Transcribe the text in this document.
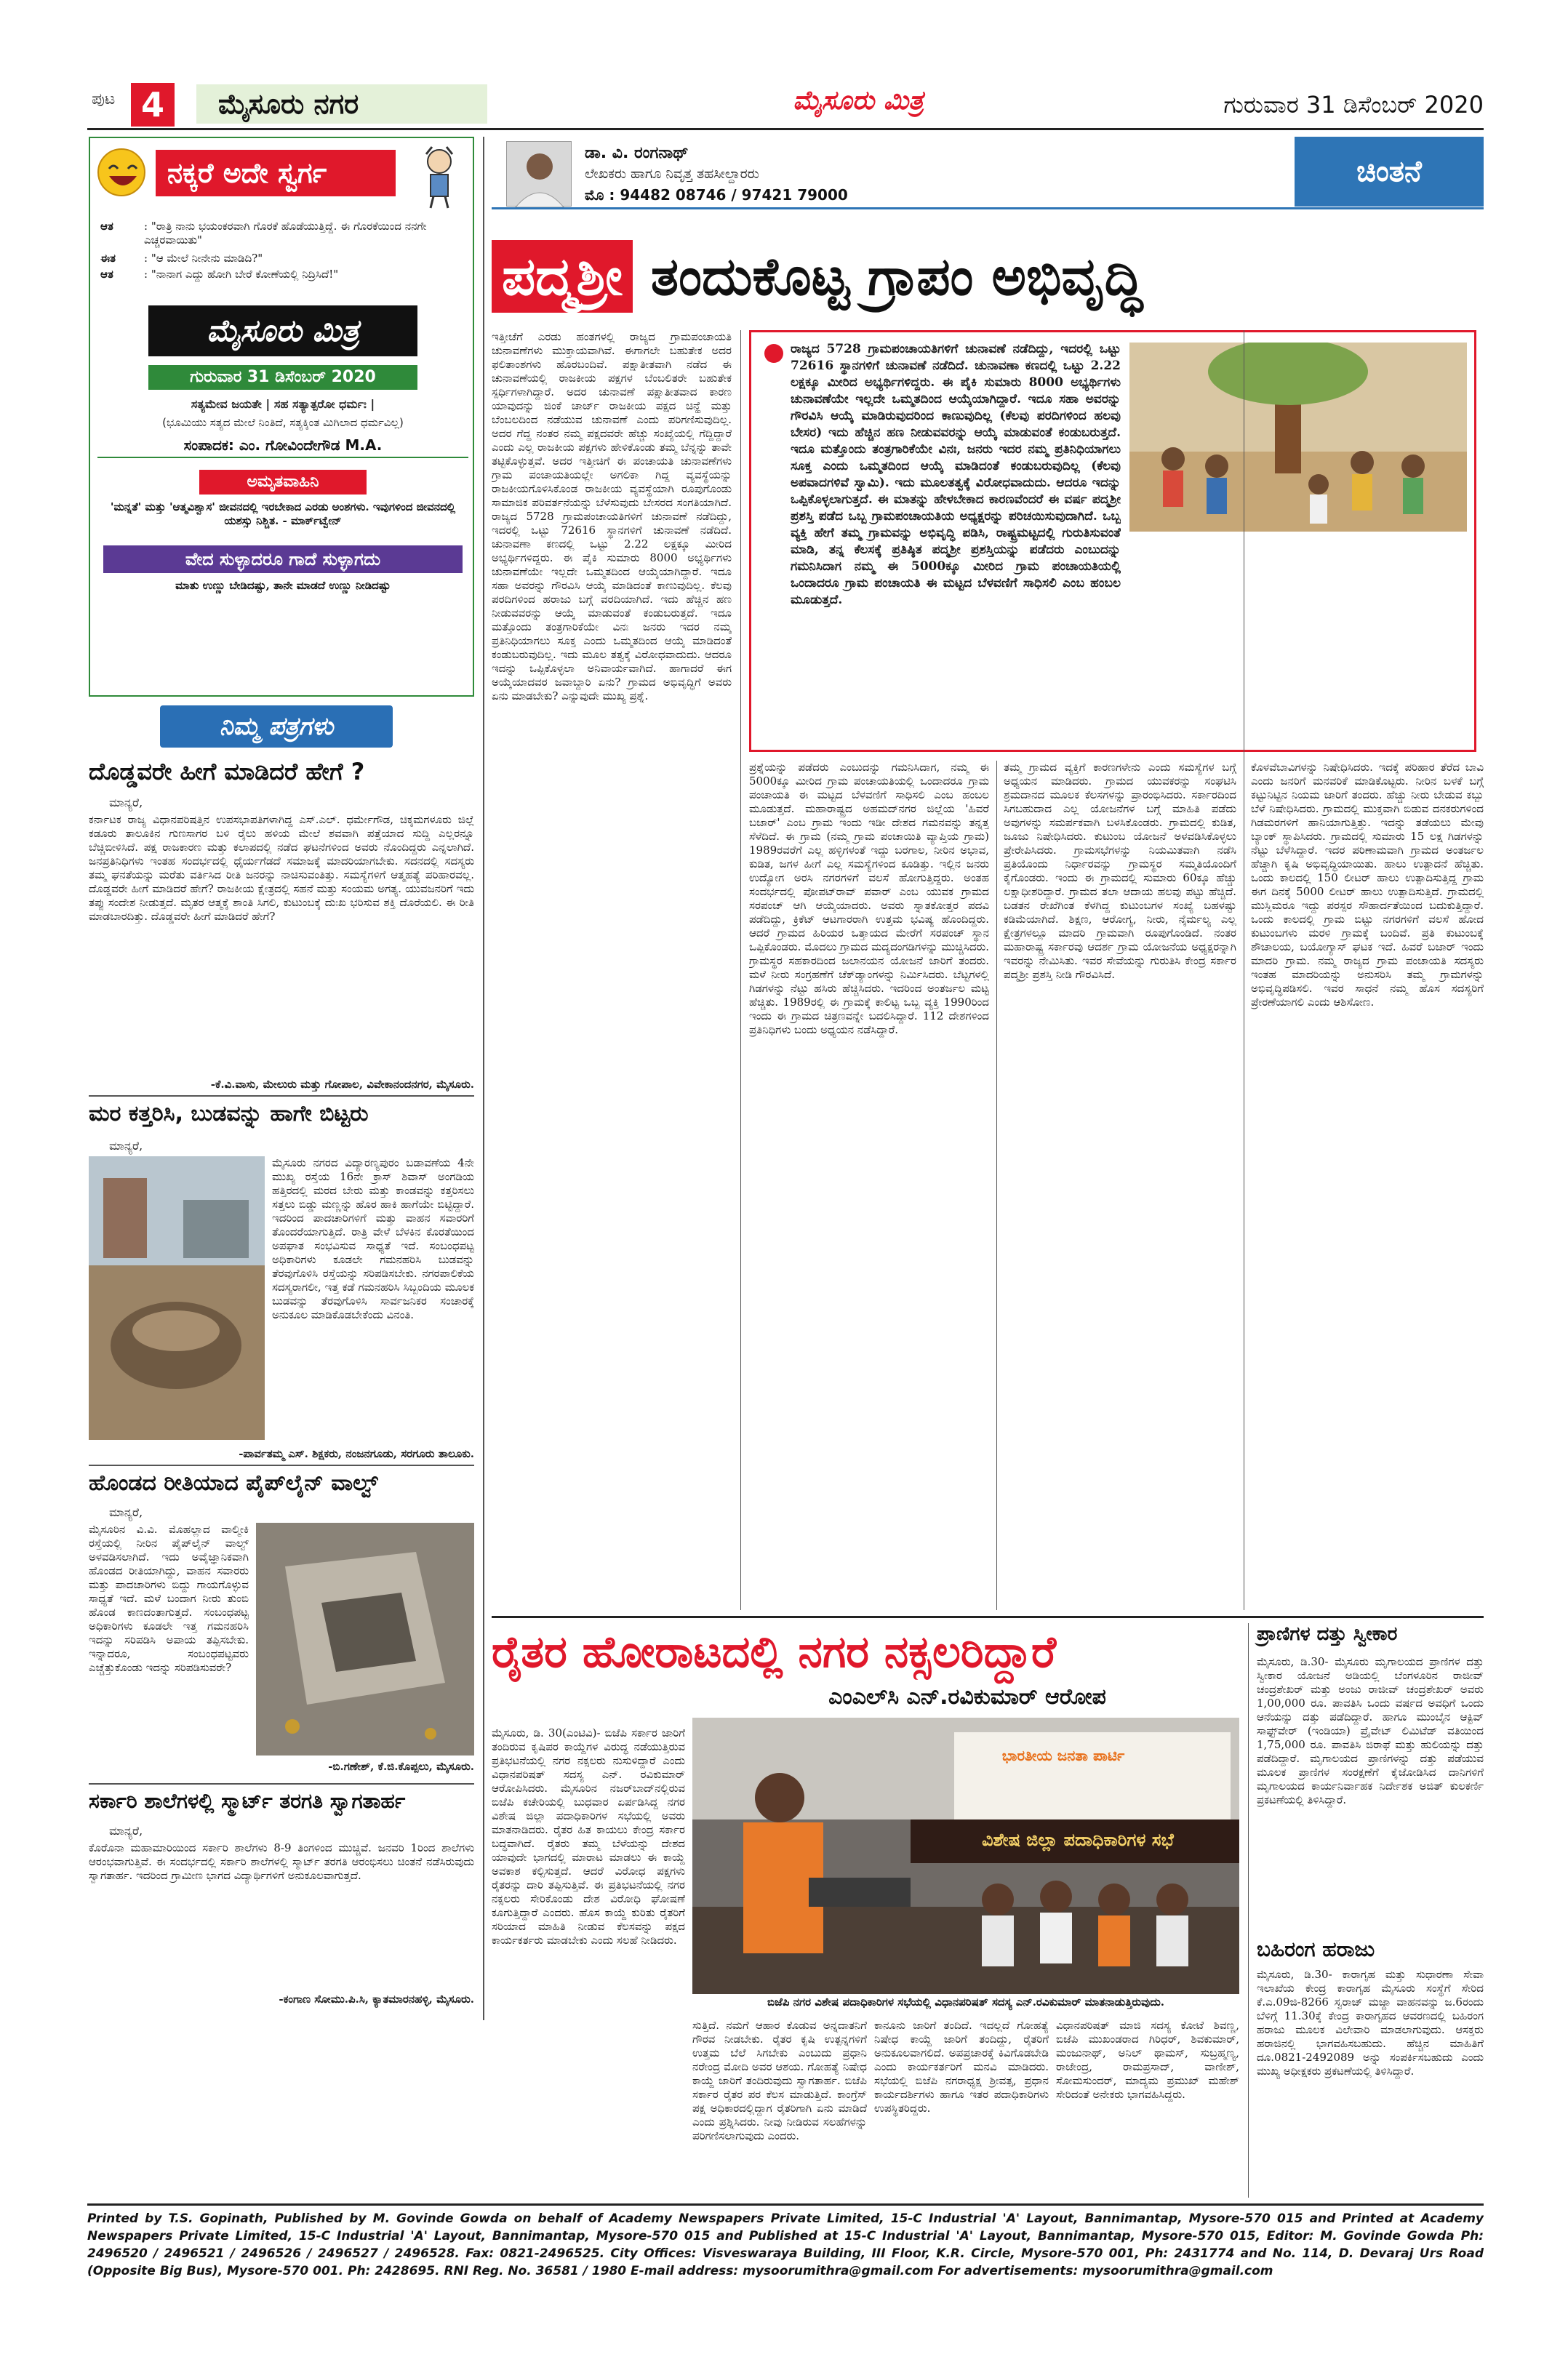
ಪುಟ 4	ಮೈಸೂರು ನಗರ	ಮೈಸೂರು ಮಿತ್ರ	ಗುರುವಾರ 31 ಡಿಸೆಂಬರ್ 2020
ನಕ್ಕರೆ ಅದೇ ಸ್ವರ್ಗ
ಆತ	: "ರಾತ್ರಿ ನಾನು ಭಯಂಕರವಾಗಿ ಗೊರಕೆ ಹೊಡೆಯುತ್ತಿದ್ದೆ. ಈ ಗೊರಕೆಯಿಂದ ನನಗೇ ಎಚ್ಚರವಾಯಿತು"
ಈತ	: "ಆ ಮೇಲೆ ನೀನೇನು ಮಾಡಿದಿ?"
ಆತ	: "ನಾನಾಗ ಎದ್ದು ಹೋಗಿ ಬೇರೆ ಕೋಣೆಯಲ್ಲಿ ನಿದ್ರಿಸಿದೆ!"
ಮೈಸೂರು ಮಿತ್ರ
ಗುರುವಾರ 31 ಡಿಸೆಂಬರ್ 2020
ಸತ್ಯಮೇವ ಜಯತೇ | ಸಹ ಸತ್ಯಾತ್ಪರೋ ಧರ್ಮಃ |
(ಭೂಮಿಯು ಸತ್ಯದ ಮೇಲೆ ನಿಂತಿದೆ, ಸತ್ಯಕ್ಕಿಂತ ಮಿಗಿಲಾದ ಧರ್ಮವಿಲ್ಲ)
ಸಂಪಾದಕ: ಎಂ. ಗೋವಿಂದೇಗೌಡ M.A.
ಅಮೃತವಾಹಿನಿ
'ಮನ್ನತೆ' ಮತ್ತು 'ಆತ್ಮವಿಶ್ವಾಸ' ಜೀವನದಲ್ಲಿ ಇರಬೇಕಾದ ಎರಡು ಅಂಶಗಳು. ಇವುಗಳಿಂದ ಜೀವನದಲ್ಲಿ ಯಶಸ್ಸು ನಿಶ್ಚಿತ. - ಮಾರ್ಕ್‌ಟ್ವೇನ್
ವೇದ ಸುಳ್ಳಾದರೂ ಗಾದೆ ಸುಳ್ಳಾಗದು
ಮಾತು ಉಣ್ಣು ಬೇಡಿದಷ್ಟು, ತಾನೇ ಮಾಡದೆ ಉಣ್ಣು ನೀಡಿದಷ್ಟು
ನಿಮ್ಮ ಪತ್ರಗಳು
ದೊಡ್ಡವರೇ ಹೀಗೆ ಮಾಡಿದರೆ ಹೇಗೆ ?
ಮಾನ್ಯರೆ,
ಕರ್ನಾಟಕ ರಾಜ್ಯ ವಿಧಾನಪರಿಷತ್ತಿನ ಉಪಸಭಾಪತಿಗಳಾಗಿದ್ದ ಎಸ್.ಎಲ್. ಧರ್ಮೇಗೌಡ, ಚಿಕ್ಕಮಗಳೂರು ಜಿಲ್ಲೆ ಕಡೂರು ತಾಲೂಕಿನ ಗುಣಸಾಗರ ಬಳಿ ರೈಲು ಹಳಿಯ ಮೇಲೆ ಶವವಾಗಿ ಪತ್ತೆಯಾದ ಸುದ್ದಿ ಎಲ್ಲರನ್ನೂ ಬೆಚ್ಚಿಬೀಳಿಸಿದೆ. ಪಕ್ಷ ರಾಜಕಾರಣ ಮತ್ತು ಕಲಾಪದಲ್ಲಿ ನಡೆದ ಘಟನೆಗಳಿಂದ ಅವರು ನೊಂದಿದ್ದರು ಎನ್ನಲಾಗಿದೆ. ಜನಪ್ರತಿನಿಧಿಗಳು ಇಂತಹ ಸಂದರ್ಭದಲ್ಲಿ ಧೈರ್ಯಗೆಡದೆ ಸಮಾಜಕ್ಕೆ ಮಾದರಿಯಾಗಬೇಕು. ಸದನದಲ್ಲಿ ಸದಸ್ಯರು ತಮ್ಮ ಘನತೆಯನ್ನು ಮರೆತು ವರ್ತಿಸಿದ ರೀತಿ ಜನರನ್ನು ನಾಚಿಸುವಂತಿತ್ತು. ಸಮಸ್ಯೆಗಳಿಗೆ ಆತ್ಮಹತ್ಯೆ ಪರಿಹಾರವಲ್ಲ. ದೊಡ್ಡವರೇ ಹೀಗೆ ಮಾಡಿದರೆ ಹೇಗೆ? ರಾಜಕೀಯ ಕ್ಷೇತ್ರದಲ್ಲಿ ಸಹನೆ ಮತ್ತು ಸಂಯಮ ಅಗತ್ಯ. ಯುವಜನರಿಗೆ ಇದು ತಪ್ಪು ಸಂದೇಶ ನೀಡುತ್ತದೆ. ಮೃತರ ಆತ್ಮಕ್ಕೆ ಶಾಂತಿ ಸಿಗಲಿ, ಕುಟುಂಬಕ್ಕೆ ದುಃಖ ಭರಿಸುವ ಶಕ್ತಿ ದೊರೆಯಲಿ. ಈ ರೀತಿ ಮಾಡಬಾರದಿತ್ತು. ದೊಡ್ಡವರೇ ಹೀಗೆ ಮಾಡಿದರೆ ಹೇಗೆ?
-ಕೆ.ವಿ.ವಾಸು, ಮೇಲುರು ಮತ್ತು ಗೋಪಾಲ, ವಿವೇಕಾನಂದನಗರ, ಮೈಸೂರು.
ಮರ ಕತ್ತರಿಸಿ, ಬುಡವನ್ನು ಹಾಗೇ ಬಿಟ್ಟರು
ಮಾನ್ಯರೆ,
ಮೈಸೂರು ನಗರದ ವಿದ್ಯಾರಣ್ಯಪುರಂ ಬಡಾವಣೆಯ 4ನೇ ಮುಖ್ಯ ರಸ್ತೆಯ 16ನೇ ಕ್ರಾಸ್ ಶಿವಾಸ್ ಅಂಗಡಿಯ ಹತ್ತಿರದಲ್ಲಿ ಮರದ ಬೇರು ಮತ್ತು ಕಾಂಡವನ್ನು ಕತ್ತರಿಸಲು ಸತ್ತಲು ಬಿಡ್ಡು ಮಣ್ಣನ್ನು ಹೊರ ಹಾಕಿ ಹಾಗೆಯೇ ಬಿಟ್ಟಿದ್ದಾರೆ. ಇದರಿಂದ ಪಾದಚಾರಿಗಳಿಗೆ ಮತ್ತು ವಾಹನ ಸವಾರರಿಗೆ ತೊಂದರೆಯಾಗುತ್ತಿದೆ. ರಾತ್ರಿ ವೇಳೆ ಬೆಳಕಿನ ಕೊರತೆಯಿಂದ ಅಪಘಾತ ಸಂಭವಿಸುವ ಸಾಧ್ಯತೆ ಇದೆ. ಸಂಬಂಧಪಟ್ಟ ಅಧಿಕಾರಿಗಳು ಕೂಡಲೇ ಗಮನಹರಿಸಿ ಬುಡವನ್ನು ತೆರವುಗೊಳಿಸಿ ರಸ್ತೆಯನ್ನು ಸರಿಪಡಿಸಬೇಕು. ನಗರಪಾಲಿಕೆಯ ಸದಸ್ಯರಾಗಲೀ, ಇತ್ತ ಕಡೆ ಗಮನಹರಿಸಿ ಸಿಬ್ಬಂದಿಯ ಮೂಲಕ ಬುಡವನ್ನು ತೆರವುಗೊಳಿಸಿ ಸಾರ್ವಜನಿಕರ ಸಂಚಾರಕ್ಕೆ ಅನುಕೂಲ ಮಾಡಿಕೊಡಬೇಕೆಂದು ವಿನಂತಿ.
-ಪಾರ್ವತಮ್ಮ ಎಸ್. ಶಿಕ್ಷಕರು, ನಂಜನಗೂಡು, ಸರಗೂರು ತಾಲೂಕು.
ಹೊಂಡದ ರೀತಿಯಾದ ಪೈಪ್‌ಲೈನ್ ವಾಲ್ವ್
ಮಾನ್ಯರೆ,
ಮೈಸೂರಿನ ವಿ.ವಿ. ಮೊಹಲ್ಲಾದ ವಾಲ್ಮೀಕಿ ರಸ್ತೆಯಲ್ಲಿ ನೀರಿನ ಪೈಪ್‌ಲೈನ್ ವಾಲ್ವ್ ಅಳವಡಿಸಲಾಗಿದೆ. ಇದು ಅವೈಜ್ಞಾನಿಕವಾಗಿ ಹೊಂಡದ ರೀತಿಯಾಗಿದ್ದು, ವಾಹನ ಸವಾರರು ಮತ್ತು ಪಾದಚಾರಿಗಳು ಬಿದ್ದು ಗಾಯಗೊಳ್ಳುವ ಸಾಧ್ಯತೆ ಇದೆ. ಮಳೆ ಬಂದಾಗ ನೀರು ತುಂಬಿ ಹೊಂಡ ಕಾಣದಂತಾಗುತ್ತದೆ. ಸಂಬಂಧಪಟ್ಟ ಅಧಿಕಾರಿಗಳು ಕೂಡಲೇ ಇತ್ತ ಗಮನಹರಿಸಿ ಇದನ್ನು ಸರಿಪಡಿಸಿ ಅಪಾಯ ತಪ್ಪಿಸಬೇಕು. ಇನ್ನಾದರೂ, ಸಂಬಂಧಪಟ್ಟವರು ಎಚ್ಚೆತ್ತುಕೊಂಡು ಇದನ್ನು ಸರಿಪಡಿಸುವರೇ?
-ಬಿ.ಗಣೇಶ್, ಕೆ.ಜಿ.ಕೊಪ್ಪಲು, ಮೈಸೂರು.
ಸರ್ಕಾರಿ ಶಾಲೆಗಳಲ್ಲಿ ಸ್ಮಾರ್ಟ್ ತರಗತಿ ಸ್ವಾಗತಾರ್ಹ
ಮಾನ್ಯರೆ,
ಕೊರೊನಾ ಮಹಾಮಾರಿಯಿಂದ ಸರ್ಕಾರಿ ಶಾಲೆಗಳು 8-9 ತಿಂಗಳಿಂದ ಮುಚ್ಚಿವೆ. ಜನವರಿ 1ರಿಂದ ಶಾಲೆಗಳು ಆರಂಭವಾಗುತ್ತಿವೆ. ಈ ಸಂದರ್ಭದಲ್ಲಿ ಸರ್ಕಾರಿ ಶಾಲೆಗಳಲ್ಲಿ ಸ್ಮಾರ್ಟ್ ತರಗತಿ ಆರಂಭಿಸಲು ಚಿಂತನೆ ನಡೆಸಿರುವುದು ಸ್ವಾಗತಾರ್ಹ. ಇದರಿಂದ ಗ್ರಾಮೀಣ ಭಾಗದ ವಿದ್ಯಾರ್ಥಿಗಳಿಗೆ ಅನುಕೂಲವಾಗುತ್ತದೆ.
-ಕಂಗಾಣ ಸೋಮು.ಪಿ.ಸಿ, ಕ್ಯಾತಮಾರನಹಳ್ಳಿ, ಮೈಸೂರು.
ಡಾ. ವಿ. ರಂಗನಾಥ್
ಲೇಖಕರು ಹಾಗೂ ನಿವೃತ್ತ ತಹಸೀಲ್ದಾರರು
ಮೊ : 94482 08746 / 97421 79000
ಚಿಂತನೆ
ಪದ್ಮಶ್ರೀ ತಂದುಕೊಟ್ಟ ಗ್ರಾಪಂ ಅಭಿವೃದ್ಧಿ
ಇತ್ತೀಚೆಗೆ ಎರಡು ಹಂತಗಳಲ್ಲಿ ರಾಜ್ಯದ ಗ್ರಾಮಪಂಚಾಯತಿ ಚುನಾವಣೆಗಳು ಮುಕ್ತಾಯವಾಗಿವೆ. ಈಗಾಗಲೇ ಬಹುತೇಕ ಅದರ ಫಲಿತಾಂಶಗಳು ಹೊರಬಂದಿವೆ. ಪಕ್ಷಾತೀತವಾಗಿ ನಡೆದ ಈ ಚುನಾವಣೆಯಲ್ಲಿ ರಾಜಕೀಯ ಪಕ್ಷಗಳ ಬೆಂಬಲಿತರೇ ಬಹುತೇಕ ಸ್ಪರ್ಧಿಗಳಾಗಿದ್ದಾರೆ. ಅದರ ಚುನಾವಣೆ ಪಕ್ಷಾತೀತವಾದ ಕಾರಣ ಯಾವುದನ್ನು ಜಿಂಕೆ ಚಾರ್ಜ್ ರಾಜಕೀಯ ಪಕ್ಷದ ಚಿನ್ಹೆ ಮತ್ತು ಬೆಂಬಲದಿಂದ ನಡೆಯುವ ಚುನಾವಣೆ ಎಂದು ಪರಿಗಣಿಸುವುದಿಲ್ಲ. ಅದರ ಗೆದ್ದ ನಂತರ ನಮ್ಮ ಪಕ್ಷದವರೇ ಹೆಚ್ಚು ಸಂಖ್ಯೆಯಲ್ಲಿ ಗೆದ್ದಿದ್ದಾರೆ ಎಂದು ಎಲ್ಲ ರಾಜಕೀಯ ಪಕ್ಷಗಳು ಹೇಳಿಕೊಂಡು ತಮ್ಮ ಬೆನ್ನನ್ನು ತಾವೇ ತಟ್ಟಿಕೊಳ್ಳುತ್ತವೆ. ಅದರ ಇತ್ತೀಚಿಗೆ ಈ ಪಂಚಾಯತಿ ಚುನಾವಣೆಗಳು ಗ್ರಾಮ ಪಂಚಾಯತಿಯಲ್ಲೇ ಅಗಲಿಕಾ ಗಿದ್ದ ವ್ಯವಸ್ಥೆಯನ್ನು ರಾಜಕೀಯಗೊಳಿಸಿಕೊಂಡ ರಾಜಕೀಯ ವ್ಯವಸ್ಥೆಯಾಗಿ ರೂಪುಗೊಂಡು ಸಾಮಾಜಿಕ ಪರಿವರ್ತನೆಯನ್ನು ಬೆಳೆಸುವುದು ಬೇಸರದ ಸಂಗತಿಯಾಗಿದೆ. ರಾಜ್ಯದ 5728 ಗ್ರಾಮಪಂಚಾಯತಿಗಳಿಗೆ ಚುನಾವಣೆ ನಡೆದಿದ್ದು, ಇದರಲ್ಲಿ ಒಟ್ಟು 72616 ಸ್ಥಾನಗಳಿಗೆ ಚುನಾವಣೆ ನಡೆದಿದೆ. ಚುನಾವಣಾ ಕಣದಲ್ಲಿ ಒಟ್ಟು 2.22 ಲಕ್ಷಕ್ಕೂ ಮೀರಿದ ಅಭ್ಯರ್ಥಿಗಳಿದ್ದರು. ಈ ಪೈಕಿ ಸುಮಾರು 8000 ಅಭ್ಯರ್ಥಿಗಳು ಚುನಾವಣೆಯೇ ಇಲ್ಲದೇ ಒಮ್ಮತದಿಂದ ಆಯ್ಕೆಯಾಗಿದ್ದಾರೆ. ಇದೂ ಸಹಾ ಅವರನ್ನು ಗೌರವಿಸಿ ಆಯ್ಕೆ ಮಾಡಿದಂತೆ ಕಾಣುವುದಿಲ್ಲ. ಕೆಲವು ಪರದಿಗಳಿಂದ ಹರಾಜು ಬಗ್ಗೆ ವರದಿಯಾಗಿದೆ. ಇದು ಹೆಚ್ಚಿನ ಹಣ ನೀಡುವವರನ್ನು ಆಯ್ಕೆ ಮಾಡುವಂತೆ ಕಂಡುಬರುತ್ತದೆ. ಇದೂ ಮತ್ತೊಂದು ತಂತ್ರಗಾರಿಕೆಯೇ ವಿನಃ ಜನರು ಇದರ ನಮ್ಮ ಪ್ರತಿನಿಧಿಯಾಗಲು ಸೂಕ್ತ ಎಂದು ಒಮ್ಮತದಿಂದ ಆಯ್ಕೆ ಮಾಡಿದಂತೆ ಕಂಡುಬರುವುದಿಲ್ಲ. ಇದು ಮೂಲ ತತ್ವಕ್ಕೆ ವಿರೋಧವಾದುದು. ಆದರೂ ಇದನ್ನು ಒಪ್ಪಿಕೊಳ್ಳಲಾ ಅನಿವಾರ್ಯವಾಗಿದೆ. ಹಾಗಾದರೆ ಈಗ ಅಯ್ಕೆಯಾದವರ ಜವಾಬ್ದಾರಿ ಏನು? ಗ್ರಾಮದ ಅಭಿವೃದ್ಧಿಗೆ ಅವರು ಏನು ಮಾಡಬೇಕು? ಎನ್ನುವುದೇ ಮುಖ್ಯ ಪ್ರಶ್ನೆ.
ರಾಜ್ಯದ 5728 ಗ್ರಾಮಪಂಚಾಯತಿಗಳಿಗೆ ಚುನಾವಣೆ ನಡೆದಿದ್ದು, ಇದರಲ್ಲಿ ಒಟ್ಟು 72616 ಸ್ಥಾನಗಳಿಗೆ ಚುನಾವಣೆ ನಡೆದಿದೆ. ಚುನಾವಣಾ ಕಣದಲ್ಲಿ ಒಟ್ಟು 2.22 ಲಕ್ಷಕ್ಕೂ ಮೀರಿದ ಅಭ್ಯರ್ಥಿಗಳಿದ್ದರು. ಈ ಪೈಕಿ ಸುಮಾರು 8000 ಅಭ್ಯರ್ಥಿಗಳು ಚುನಾವಣೆಯೇ ಇಲ್ಲದೇ ಒಮ್ಮತದಿಂದ ಆಯ್ಕೆಯಾಗಿದ್ದಾರೆ. ಇದೂ ಸಹಾ ಅವರನ್ನು ಗೌರವಿಸಿ ಆಯ್ಕೆ ಮಾಡಿರುವುದರಿಂದ ಕಾಣುವುದಿಲ್ಲ (ಕೆಲವು ಪರದಿಗಳಿಂದ ಹಲವು ಬೇಸರ) ಇದು ಹೆಚ್ಚಿನ ಹಣ ನೀಡುವವರನ್ನು ಆಯ್ಕೆ ಮಾಡುವಂತೆ ಕಂಡುಬರುತ್ತದೆ. ಇದೂ ಮತ್ತೊಂದು ತಂತ್ರಗಾರಿಕೆಯೇ ವಿನಃ, ಜನರು ಇದರ ನಮ್ಮ ಪ್ರತಿನಿಧಿಯಾಗಲು ಸೂಕ್ತ ಎಂದು ಒಮ್ಮತದಿಂದ ಆಯ್ಕೆ ಮಾಡಿದಂತೆ ಕಂಡುಬರುವುದಿಲ್ಲ (ಕೆಲವು ಅಪವಾದಗಳಿವೆ ಸ್ವಾಮಿ). ಇದು ಮೂಲತತ್ವಕ್ಕೆ ವಿರೋಧವಾದುದು. ಆದರೂ ಇದನ್ನು ಒಪ್ಪಿಕೊಳ್ಳಲಾಗುತ್ತದೆ. ಈ ಮಾತನ್ನು ಹೇಳಬೇಕಾದ ಕಾರಣವೆಂದರೆ ಈ ವರ್ಷ ಪದ್ಮಶ್ರೀ ಪ್ರಶಸ್ತಿ ಪಡೆದ ಒಬ್ಬ ಗ್ರಾಮಪಂಚಾಯತಿಯ ಅಧ್ಯಕ್ಷರನ್ನು ಪರಿಚಯಿಸುವುದಾಗಿದೆ. ಒಬ್ಬ ವ್ಯಕ್ತಿ ಹೇಗೆ ತಮ್ಮ ಗ್ರಾಮವನ್ನು ಅಭಿವೃದ್ಧಿ ಪಡಿಸಿ, ರಾಷ್ಟ್ರಮಟ್ಟದಲ್ಲಿ ಗುರುತಿಸುವಂತೆ ಮಾಡಿ, ತನ್ನ ಕೆಲಸಕ್ಕೆ ಪ್ರತಿಷ್ಠಿತ ಪದ್ಮಶ್ರೀ ಪ್ರಶಸ್ತಿಯನ್ನು ಪಡೆದರು ಎಂಬುದನ್ನು ಗಮನಿಸಿದಾಗ ನಮ್ಮ ಈ 5000ಕ್ಕೂ ಮೀರಿದ ಗ್ರಾಮ ಪಂಚಾಯತಿಯಲ್ಲಿ ಒಂದಾದರೂ ಗ್ರಾಮ ಪಂಚಾಯತಿ ಈ ಮಟ್ಟದ ಬೆಳವಣಿಗೆ ಸಾಧಿಸಲಿ ಎಂಬ ಹಂಬಲ ಮೂಡುತ್ತದೆ.
ಪ್ರಶ್ನೆಯನ್ನು ಪಡೆದರು ಎಂಬುದನ್ನು ಗಮನಿಸಿದಾಗ, ನಮ್ಮ ಈ 5000ಕ್ಕೂ ಮೀರಿದ ಗ್ರಾಮ ಪಂಚಾಯತಿಯಲ್ಲಿ ಒಂದಾದರೂ ಗ್ರಾಮ ಪಂಚಾಯತಿ ಈ ಮಟ್ಟದ ಬೆಳವಣಿಗೆ ಸಾಧಿಸಲಿ ಎಂಬ ಹಂಬಲ ಮೂಡುತ್ತದೆ. ಮಹಾರಾಷ್ಟ್ರದ ಅಹಮದ್‌ನಗರ ಜಿಲ್ಲೆಯ 'ಹಿವರೆ ಬಜಾರ್' ಎಂಬ ಗ್ರಾಮ ಇಂದು ಇಡೀ ದೇಶದ ಗಮನವನ್ನು ತನ್ನತ್ತ ಸೆಳೆದಿದೆ. ಈ ಗ್ರಾಮ (ನಮ್ಮ ಗ್ರಾಮ ಪಂಚಾಯಿತಿ ವ್ಯಾಪ್ತಿಯ ಗ್ರಾಮ) 1989ರವರೆಗೆ ಎಲ್ಲ ಹಳ್ಳಿಗಳಂತೆ ಇದ್ದು ಬರಗಾಲ, ನೀರಿನ ಅಭಾವ, ಕುಡಿತ, ಜಗಳ ಹೀಗೆ ಎಲ್ಲ ಸಮಸ್ಯೆಗಳಿಂದ ಕೂಡಿತ್ತು. ಇಲ್ಲಿನ ಜನರು ಉದ್ಯೋಗ ಅರಸಿ ನಗರಗಳಿಗೆ ವಲಸೆ ಹೋಗುತ್ತಿದ್ದರು. ಅಂತಹ ಸಂದರ್ಭದಲ್ಲಿ ಪೋಪಟ್‌ರಾವ್ ಪವಾರ್ ಎಂಬ ಯುವಕ ಗ್ರಾಮದ ಸರಪಂಚ್ ಆಗಿ ಆಯ್ಕೆಯಾದರು. ಅವರು ಸ್ನಾತಕೋತ್ತರ ಪದವಿ ಪಡೆದಿದ್ದು, ಕ್ರಿಕೆಟ್ ಆಟಗಾರರಾಗಿ ಉತ್ತಮ ಭವಿಷ್ಯ ಹೊಂದಿದ್ದರು. ಆದರೆ ಗ್ರಾಮದ ಹಿರಿಯರ ಒತ್ತಾಯದ ಮೇರೆಗೆ ಸರಪಂಚ್ ಸ್ಥಾನ ಒಪ್ಪಿಕೊಂಡರು. ಮೊದಲು ಗ್ರಾಮದ ಮದ್ಯದಂಗಡಿಗಳನ್ನು ಮುಚ್ಚಿಸಿದರು. ಗ್ರಾಮಸ್ಥರ ಸಹಕಾರದಿಂದ ಜಲಾನಯನ ಯೋಜನೆ ಜಾರಿಗೆ ತಂದರು. ಮಳೆ ನೀರು ಸಂಗ್ರಹಣೆಗೆ ಚೆಕ್‌ಡ್ಯಾಂಗಳನ್ನು ನಿರ್ಮಿಸಿದರು. ಬೆಟ್ಟಗಳಲ್ಲಿ ಗಿಡಗಳನ್ನು ನೆಟ್ಟು ಹಸಿರು ಹೆಚ್ಚಿಸಿದರು. ಇದರಿಂದ ಅಂತರ್ಜಲ ಮಟ್ಟ ಹೆಚ್ಚಿತು. 1989ರಲ್ಲಿ ಈ ಗ್ರಾಮಕ್ಕೆ ಕಾಲಿಟ್ಟ ಒಬ್ಬ ವ್ಯಕ್ತಿ 1990ರಿಂದ ಇಂದು ಈ ಗ್ರಾಮದ ಚಿತ್ರಣವನ್ನೇ ಬದಲಿಸಿದ್ದಾರೆ. 112 ದೇಶಗಳಿಂದ ಪ್ರತಿನಿಧಿಗಳು ಬಂದು ಅಧ್ಯಯನ ನಡೆಸಿದ್ದಾರೆ.
ತಮ್ಮ ಗ್ರಾಮದ ವ್ಯಕ್ತಿಗೆ ಕಾರಣಗಳೇನು ಎಂದು ಸಮಸ್ಯೆಗಳ ಬಗ್ಗೆ ಅಧ್ಯಯನ ಮಾಡಿದರು. ಗ್ರಾಮದ ಯುವಕರನ್ನು ಸಂಘಟಿಸಿ ಶ್ರಮದಾನದ ಮೂಲಕ ಕೆಲಸಗಳನ್ನು ಪ್ರಾರಂಭಿಸಿದರು. ಸರ್ಕಾರದಿಂದ ಸಿಗಬಹುದಾದ ಎಲ್ಲ ಯೋಜನೆಗಳ ಬಗ್ಗೆ ಮಾಹಿತಿ ಪಡೆದು ಅವುಗಳನ್ನು ಸಮರ್ಪಕವಾಗಿ ಬಳಸಿಕೊಂಡರು. ಗ್ರಾಮದಲ್ಲಿ ಕುಡಿತ, ಜೂಜು ನಿಷೇಧಿಸಿದರು. ಕುಟುಂಬ ಯೋಜನೆ ಅಳವಡಿಸಿಕೊಳ್ಳಲು ಪ್ರೇರೇಪಿಸಿದರು. ಗ್ರಾಮಸಭೆಗಳನ್ನು ನಿಯಮಿತವಾಗಿ ನಡೆಸಿ ಪ್ರತಿಯೊಂದು ನಿರ್ಧಾರವನ್ನು ಗ್ರಾಮಸ್ಥರ ಸಮ್ಮತಿಯೊಂದಿಗೆ ಕೈಗೊಂಡರು. ಇಂದು ಈ ಗ್ರಾಮದಲ್ಲಿ ಸುಮಾರು 60ಕ್ಕೂ ಹೆಚ್ಚು ಲಕ್ಷಾಧೀಶರಿದ್ದಾರೆ. ಗ್ರಾಮದ ತಲಾ ಆದಾಯ ಹಲವು ಪಟ್ಟು ಹೆಚ್ಚಿದೆ. ಬಡತನ ರೇಖೆಗಿಂತ ಕೆಳಗಿದ್ದ ಕುಟುಂಬಗಳ ಸಂಖ್ಯೆ ಬಹಳಷ್ಟು ಕಡಿಮೆಯಾಗಿದೆ. ಶಿಕ್ಷಣ, ಆರೋಗ್ಯ, ನೀರು, ನೈರ್ಮಲ್ಯ ಎಲ್ಲ ಕ್ಷೇತ್ರಗಳಲ್ಲೂ ಮಾದರಿ ಗ್ರಾಮವಾಗಿ ರೂಪುಗೊಂಡಿದೆ. ನಂತರ ಮಹಾರಾಷ್ಟ್ರ ಸರ್ಕಾರವು ಆದರ್ಶ ಗ್ರಾಮ ಯೋಜನೆಯ ಅಧ್ಯಕ್ಷರನ್ನಾಗಿ ಇವರನ್ನು ನೇಮಿಸಿತು. ಇವರ ಸೇವೆಯನ್ನು ಗುರುತಿಸಿ ಕೇಂದ್ರ ಸರ್ಕಾರ ಪದ್ಮಶ್ರೀ ಪ್ರಶಸ್ತಿ ನೀಡಿ ಗೌರವಿಸಿದೆ.
ಕೊಳವೆಬಾವಿಗಳನ್ನು ನಿಷೇಧಿಸಿದರು. ಇದಕ್ಕೆ ಪರಿಹಾರ ತೆರೆದ ಬಾವಿ ಎಂದು ಜನರಿಗೆ ಮನವರಿಕೆ ಮಾಡಿಕೊಟ್ಟರು. ನೀರಿನ ಬಳಕೆ ಬಗ್ಗೆ ಕಟ್ಟುನಿಟ್ಟಿನ ನಿಯಮ ಜಾರಿಗೆ ತಂದರು. ಹೆಚ್ಚು ನೀರು ಬೇಡುವ ಕಬ್ಬು ಬೆಳೆ ನಿಷೇಧಿಸಿದರು. ಗ್ರಾಮದಲ್ಲಿ ಮುಕ್ತವಾಗಿ ಬಿಡುವ ದನಕರುಗಳಿಂದ ಗಿಡಮರಗಳಿಗೆ ಹಾನಿಯಾಗುತ್ತಿತ್ತು. ಇದನ್ನು ತಡೆಯಲು ಮೇವು ಬ್ಯಾಂಕ್ ಸ್ಥಾಪಿಸಿದರು. ಗ್ರಾಮದಲ್ಲಿ ಸುಮಾರು 15 ಲಕ್ಷ ಗಿಡಗಳನ್ನು ನೆಟ್ಟು ಬೆಳೆಸಿದ್ದಾರೆ. ಇದರ ಪರಿಣಾಮವಾಗಿ ಗ್ರಾಮದ ಅಂತರ್ಜಲ ಹೆಚ್ಚಾಗಿ ಕೃಷಿ ಅಭಿವೃದ್ಧಿಯಾಯಿತು. ಹಾಲು ಉತ್ಪಾದನೆ ಹೆಚ್ಚಿತು. ಒಂದು ಕಾಲದಲ್ಲಿ 150 ಲೀಟರ್ ಹಾಲು ಉತ್ಪಾದಿಸುತ್ತಿದ್ದ ಗ್ರಾಮ ಈಗ ದಿನಕ್ಕೆ 5000 ಲೀಟರ್ ಹಾಲು ಉತ್ಪಾದಿಸುತ್ತಿದೆ. ಗ್ರಾಮದಲ್ಲಿ ಮುಸ್ಲಿಮರೂ ಇದ್ದು ಪರಸ್ಪರ ಸೌಹಾರ್ದತೆಯಿಂದ ಬದುಕುತ್ತಿದ್ದಾರೆ. ಒಂದು ಕಾಲದಲ್ಲಿ ಗ್ರಾಮ ಬಿಟ್ಟು ನಗರಗಳಿಗೆ ವಲಸೆ ಹೋದ ಕುಟುಂಬಗಳು ಮರಳಿ ಗ್ರಾಮಕ್ಕೆ ಬಂದಿವೆ. ಪ್ರತಿ ಕುಟುಂಬಕ್ಕೆ ಶೌಚಾಲಯ, ಬಯೋಗ್ಯಾಸ್ ಘಟಕ ಇದೆ. ಹಿವರೆ ಬಜಾರ್ ಇಂದು ಮಾದರಿ ಗ್ರಾಮ. ನಮ್ಮ ರಾಜ್ಯದ ಗ್ರಾಮ ಪಂಚಾಯತಿ ಸದಸ್ಯರು ಇಂತಹ ಮಾದರಿಯನ್ನು ಅನುಸರಿಸಿ ತಮ್ಮ ಗ್ರಾಮಗಳನ್ನು ಅಭಿವೃದ್ಧಿಪಡಿಸಲಿ. ಇವರ ಸಾಧನೆ ನಮ್ಮ ಹೊಸ ಸದಸ್ಯರಿಗೆ ಪ್ರೇರಣೆಯಾಗಲಿ ಎಂದು ಆಶಿಸೋಣ.
ರೈತರ ಹೋರಾಟದಲ್ಲಿ ನಗರ ನಕ್ಸಲರಿದ್ದಾರೆ
ಎಂಎಲ್‌ಸಿ ಎನ್.ರವಿಕುಮಾರ್ ಆರೋಪ
ಮೈಸೂರು, ಡಿ. 30(ಎಂಟಿವಿ)- ಬಿಜೆಪಿ ಸರ್ಕಾರ ಜಾರಿಗೆ ತಂದಿರುವ ಕೃಷಿಪರ ಕಾಯ್ದೆಗಳ ವಿರುದ್ಧ ನಡೆಯುತ್ತಿರುವ ಪ್ರತಿಭಟನೆಯಲ್ಲಿ ನಗರ ನಕ್ಸಲರು ನುಸುಳಿದ್ದಾರೆ ಎಂದು ವಿಧಾನಪರಿಷತ್ ಸದಸ್ಯ ಎನ್. ರವಿಕುಮಾರ್ ಆರೋಪಿಸಿದರು. ಮೈಸೂರಿನ ನಜರ್‌ಬಾದ್‌ನಲ್ಲಿರುವ ಬಿಜೆಪಿ ಕಚೇರಿಯಲ್ಲಿ ಬುಧವಾರ ಏರ್ಪಡಿಸಿದ್ದ ನಗರ ವಿಶೇಷ ಜಿಲ್ಲಾ ಪದಾಧಿಕಾರಿಗಳ ಸಭೆಯಲ್ಲಿ ಅವರು ಮಾತನಾಡಿದರು. ರೈತರ ಹಿತ ಕಾಯಲು ಕೇಂದ್ರ ಸರ್ಕಾರ ಬದ್ಧವಾಗಿದೆ. ರೈತರು ತಮ್ಮ ಬೆಳೆಯನ್ನು ದೇಶದ ಯಾವುದೇ ಭಾಗದಲ್ಲಿ ಮಾರಾಟ ಮಾಡಲು ಈ ಕಾಯ್ದೆ ಅವಕಾಶ ಕಲ್ಪಿಸುತ್ತದೆ. ಆದರೆ ವಿರೋಧ ಪಕ್ಷಗಳು ರೈತರನ್ನು ದಾರಿ ತಪ್ಪಿಸುತ್ತಿವೆ. ಈ ಪ್ರತಿಭಟನೆಯಲ್ಲಿ ನಗರ ನಕ್ಸಲರು ಸೇರಿಕೊಂಡು ದೇಶ ವಿರೋಧಿ ಘೋಷಣೆ ಕೂಗುತ್ತಿದ್ದಾರೆ ಎಂದರು. ಹೊಸ ಕಾಯ್ದೆ ಕುರಿತು ರೈತರಿಗೆ ಸರಿಯಾದ ಮಾಹಿತಿ ನೀಡುವ ಕೆಲಸವನ್ನು ಪಕ್ಷದ ಕಾರ್ಯಕರ್ತರು ಮಾಡಬೇಕು ಎಂದು ಸಲಹೆ ನೀಡಿದರು.
ಭಾರತೀಯ ಜನತಾ ಪಾರ್ಟಿ
ವಿಶೇಷ ಜಿಲ್ಲಾ ಪದಾಧಿಕಾರಿಗಳ ಸಭೆ
ಬಿಜೆಪಿ ನಗರ ವಿಶೇಷ ಪದಾಧಿಕಾರಿಗಳ ಸಭೆಯಲ್ಲಿ ವಿಧಾನಪರಿಷತ್ ಸದಸ್ಯ ಎನ್.ರವಿಕುಮಾರ್ ಮಾತನಾಡುತ್ತಿರುವುದು.
ಸುತ್ತಿದೆ. ನಮಗೆ ಆಹಾರ ಕೊಡುವ ಅನ್ನದಾತನಿಗೆ ಗೌರವ ನೀಡಬೇಕು. ರೈತರ ಕೃಷಿ ಉತ್ಪನ್ನಗಳಿಗೆ ಉತ್ತಮ ಬೆಲೆ ಸಿಗಬೇಕು ಎಂಬುದು ಪ್ರಧಾನಿ ನರೇಂದ್ರ ಮೋದಿ ಅವರ ಆಶಯ. ಗೋಹತ್ಯೆ ನಿಷೇಧ ಕಾಯ್ದೆ ಜಾರಿಗೆ ತಂದಿರುವುದು ಸ್ವಾಗತಾರ್ಹ. ಬಿಜೆಪಿ ಸರ್ಕಾರ ರೈತರ ಪರ ಕೆಲಸ ಮಾಡುತ್ತಿದೆ. ಕಾಂಗ್ರೆಸ್ ಪಕ್ಷ ಅಧಿಕಾರದಲ್ಲಿದ್ದಾಗ ರೈತರಿಗಾಗಿ ಏನು ಮಾಡಿದೆ ಎಂದು ಪ್ರಶ್ನಿಸಿದರು. ನೀವು ನೀಡಿರುವ ಸಲಹೆಗಳನ್ನು ಪರಿಗಣಿಸಲಾಗುವುದು ಎಂದರು.
ಕಾನೂನು ಜಾರಿಗೆ ತಂದಿದೆ. ಇದಲ್ಲದೆ ಗೋಹತ್ಯೆ ನಿಷೇಧ ಕಾಯ್ದೆ ಜಾರಿಗೆ ತಂದಿದ್ದು, ರೈತರಿಗೆ ಅನುಕೂಲವಾಗಲಿದೆ. ಅಪಪ್ರಚಾರಕ್ಕೆ ಕಿವಿಗೊಡಬೇಡಿ ಎಂದು ಕಾರ್ಯಕರ್ತರಿಗೆ ಮನವಿ ಮಾಡಿದರು. ಸಭೆಯಲ್ಲಿ ಬಿಜೆಪಿ ನಗರಾಧ್ಯಕ್ಷ ಶ್ರೀವತ್ಸ, ಪ್ರಧಾನ ಕಾರ್ಯದರ್ಶಿಗಳು ಹಾಗೂ ಇತರ ಪದಾಧಿಕಾರಿಗಳು ಉಪಸ್ಥಿತರಿದ್ದರು.
ವಿಧಾನಪರಿಷತ್ ಮಾಜಿ ಸದಸ್ಯ ಕೋಟೆ ಶಿವಣ್ಣ, ಬಿಜೆಪಿ ಮುಖಂಡರಾದ ಗಿರಿಧರ್, ಶಿವಕುಮಾರ್, ಮಂಜುನಾಥ್, ಅನಿಲ್ ಥಾಮಸ್, ಸುಬ್ರಹ್ಮಣ್ಯ, ರಾಜೇಂದ್ರ, ರಾಮಪ್ರಸಾದ್, ವಾಣೀಶ್, ಸೋಮಸುಂದರ್, ಮಾದ್ಯಮ ಪ್ರಮುಖ್ ಮಹೇಶ್ ಸೇರಿದಂತೆ ಅನೇಕರು ಭಾಗವಹಿಸಿದ್ದರು.
ಪ್ರಾಣಿಗಳ ದತ್ತು ಸ್ವೀಕಾರ
ಮೈಸೂರು, ಡಿ.30- ಮೈಸೂರು ಮೃಗಾಲಯದ ಪ್ರಾಣಿಗಳ ದತ್ತು ಸ್ವೀಕಾರ ಯೋಜನೆ ಅಡಿಯಲ್ಲಿ ಬೆಂಗಳೂರಿನ ರಾಜೀವ್ ಚಂದ್ರಶೇಖರ್ ಮತ್ತು ಅಂಜು ರಾಜೀವ್ ಚಂದ್ರಶೇಖರ್ ಅವರು 1,00,000 ರೂ. ಪಾವತಿಸಿ ಒಂದು ವರ್ಷದ ಅವಧಿಗೆ ಒಂದು ಆನೆಯನ್ನು ದತ್ತು ಪಡೆದಿದ್ದಾರೆ. ಹಾಗೂ ಮುಂಬೈನ ಆಕ್ಟಿವ್ ಸಾಫ್ಟ್‌ವೇರ್ (ಇಂಡಿಯಾ) ಪ್ರೈವೇಟ್ ಲಿಮಿಟೆಡ್ ವತಿಯಿಂದ 1,75,000 ರೂ. ಪಾವತಿಸಿ ಜಿರಾಫೆ ಮತ್ತು ಹುಲಿಯನ್ನು ದತ್ತು ಪಡೆದಿದ್ದಾರೆ. ಮೃಗಾಲಯದ ಪ್ರಾಣಿಗಳನ್ನು ದತ್ತು ಪಡೆಯುವ ಮೂಲಕ ಪ್ರಾಣಿಗಳ ಸಂರಕ್ಷಣೆಗೆ ಕೈಜೋಡಿಸಿದ ದಾನಿಗಳಿಗೆ ಮೃಗಾಲಯದ ಕಾರ್ಯನಿರ್ವಾಹಕ ನಿರ್ದೇಶಕ ಅಜಿತ್ ಕುಲಕರ್ಣಿ ಪ್ರಕಟಣೆಯಲ್ಲಿ ತಿಳಿಸಿದ್ದಾರೆ.
ಬಹಿರಂಗ ಹರಾಜು
ಮೈಸೂರು, ಡಿ.30- ಕಾರಾಗೃಹ ಮತ್ತು ಸುಧಾರಣಾ ಸೇವಾ ಇಲಾಖೆಯ ಕೇಂದ್ರ ಕಾರಾಗೃಹ ಮೈಸೂರು ಸಂಸ್ಥೆಗೆ ಸೇರಿದ ಕೆ.ಎ.09ಜಿ-8266 ಸ್ವರಾಜ್ ಮಜ್ದಾ ವಾಹನವನ್ನು ಜ.6ರಂದು ಬೆಳಿಗ್ಗೆ 11.30ಕ್ಕೆ ಕೇಂದ್ರ ಕಾರಾಗೃಹದ ಆವರಣದಲ್ಲಿ ಬಹಿರಂಗ ಹರಾಜು ಮೂಲಕ ವಿಲೇವಾರಿ ಮಾಡಲಾಗುವುದು. ಆಸಕ್ತರು ಹರಾಜಿನಲ್ಲಿ ಭಾಗವಹಿಸಬಹುದು. ಹೆಚ್ಚಿನ ಮಾಹಿತಿಗೆ ದೂ.0821-2492089 ಅನ್ನು ಸಂಪರ್ಕಿಸಬಹುದು ಎಂದು ಮುಖ್ಯ ಅಧೀಕ್ಷಕರು ಪ್ರಕಟಣೆಯಲ್ಲಿ ತಿಳಿಸಿದ್ದಾರೆ.
Printed by T.S. Gopinath, Published by M. Govinde Gowda on behalf of Academy Newspapers Private Limited, 15-C Industrial 'A' Layout, Bannimantap, Mysore-570 015 and Printed at Academy Newspapers Private Limited, 15-C Industrial 'A' Layout, Bannimantap, Mysore-570 015 and Published at 15-C Industrial 'A' Layout, Bannimantap, Mysore-570 015, Editor: M. Govinde Gowda Ph: 2496520 / 2496521 / 2496526 / 2496527 / 2496528. Fax: 0821-2496525. City Offices: Visveswaraya Building, III Floor, K.R. Circle, Mysore-570 001, Ph: 2431774 and No. 114, D. Devaraj Urs Road (Opposite Big Bus), Mysore-570 001. Ph: 2428695. RNI Reg. No. 36581 / 1980 E-mail address: mysoorumithra@gmail.com For advertisements: mysoorumithra@gmail.com
